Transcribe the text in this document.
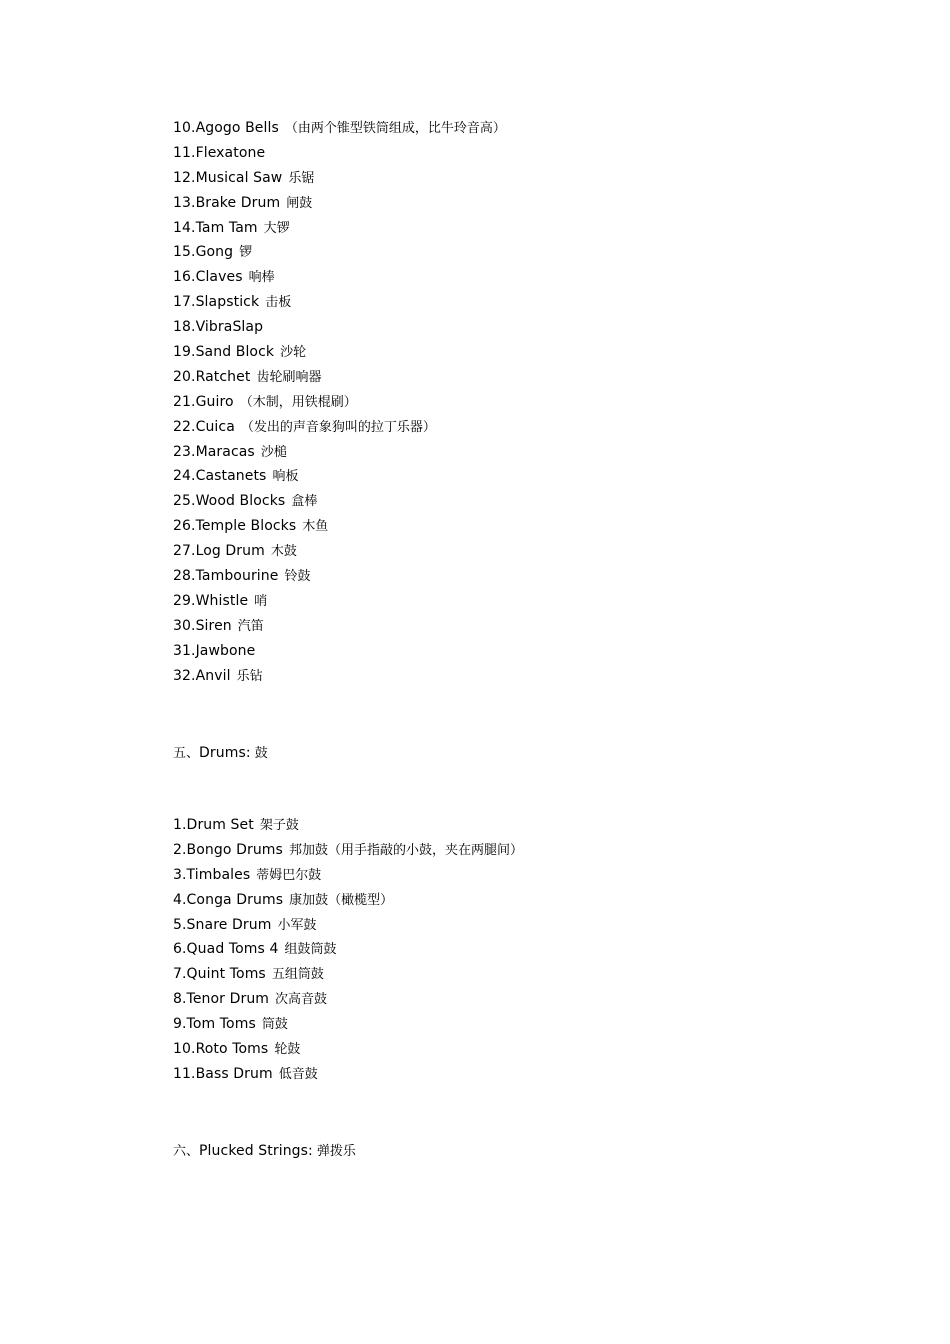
10.Agogo Bells （由两个锥型铁筒组成，比牛玲音高）
11.Flexatone
12.Musical Saw 乐锯
13.Brake Drum 闸鼓
14.Tam Tam 大锣
15.Gong 锣
16.Claves 响棒
17.Slapstick 击板
18.VibraSlap
19.Sand Block 沙轮
20.Ratchet 齿轮刷响器
21.Guiro （木制，用铁棍刷）
22.Cuica （发出的声音象狗叫的拉丁乐器）
23.Maracas 沙槌
24.Castanets 响板
25.Wood Blocks 盒棒
26.Temple Blocks 木鱼
27.Log Drum 木鼓
28.Tambourine 铃鼓
29.Whistle 哨
30.Siren 汽笛
31.Jawbone
32.Anvil 乐钻
五、Drums: 鼓
1.Drum Set 架子鼓
2.Bongo Drums 邦加鼓（用手指敲的小鼓，夹在两腿间）
3.Timbales 蒂姆巴尔鼓
4.Conga Drums 康加鼓（橄榄型）
5.Snare Drum 小军鼓
6.Quad Toms 4 组鼓筒鼓
7.Quint Toms 五组筒鼓
8.Tenor Drum 次高音鼓
9.Tom Toms 筒鼓
10.Roto Toms 轮鼓
11.Bass Drum 低音鼓
六、Plucked Strings: 弹拨乐
